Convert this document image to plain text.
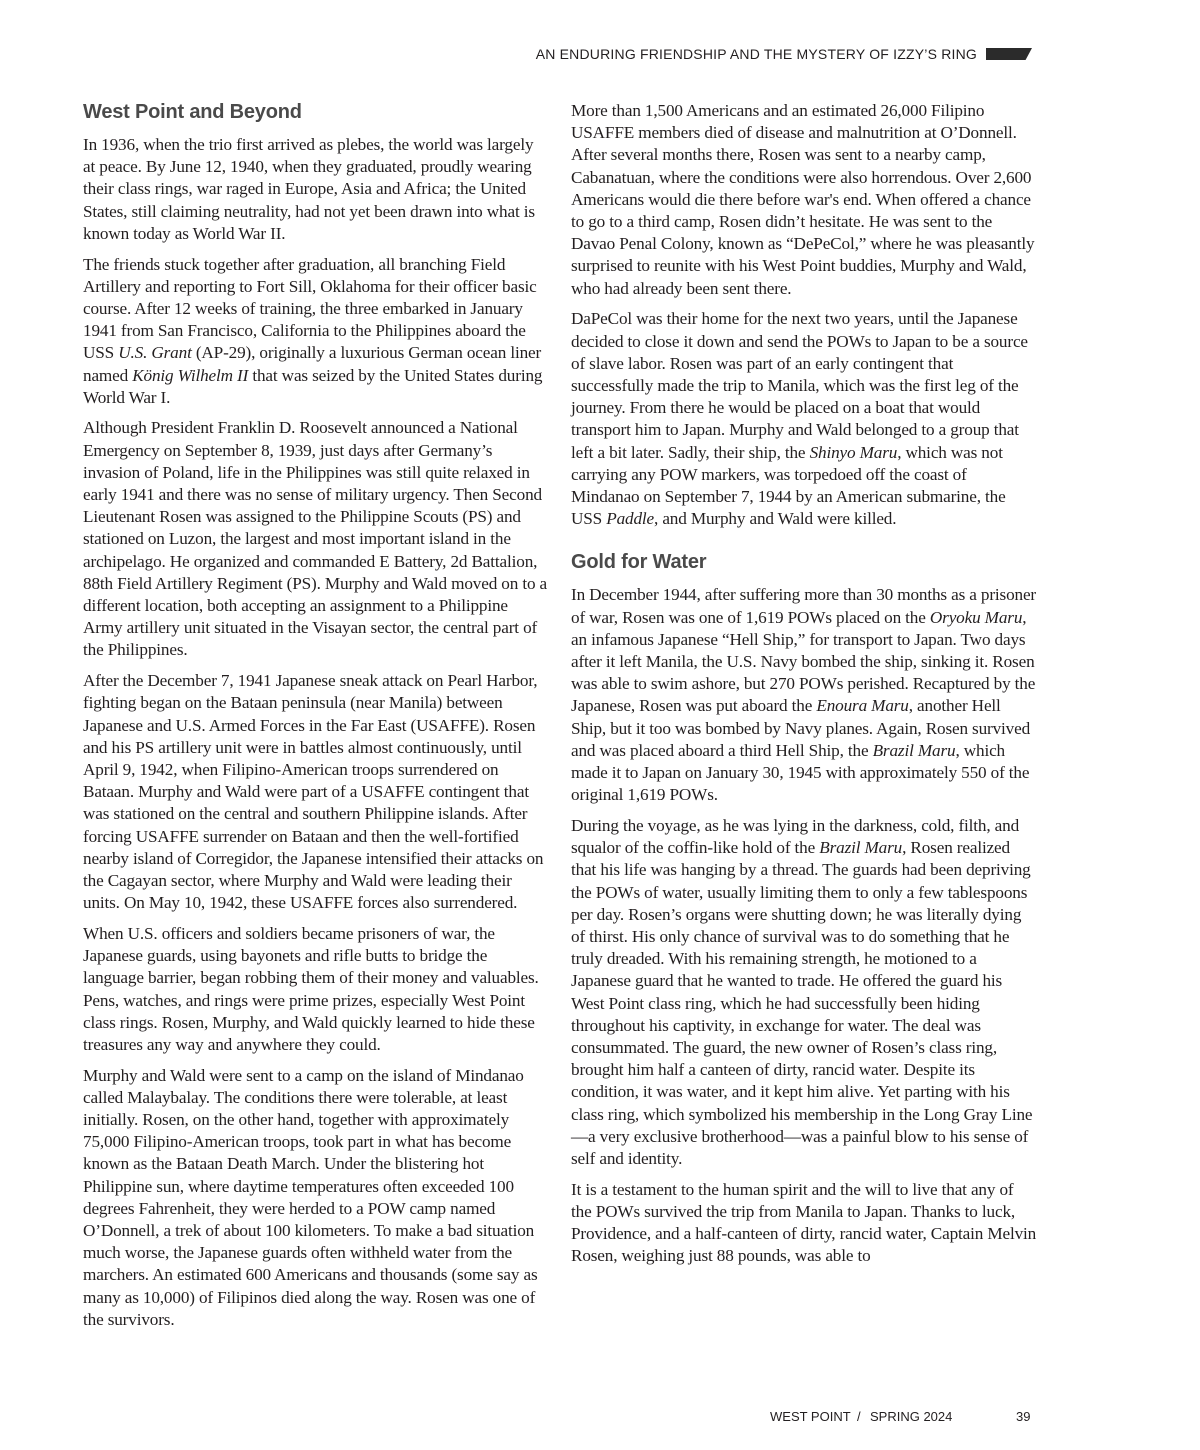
AN ENDURING FRIENDSHIP AND THE MYSTERY OF IZZY’S RING
West Point and Beyond

In 1936, when the trio first arrived as plebes, the world was largely at peace. By June 12, 1940, when they graduated, proudly wearing their class rings, war raged in Europe, Asia and Africa; the United States, still claiming neutrality, had not yet been drawn into what is known today as World War II.

The friends stuck together after graduation, all branching Field Artillery and reporting to Fort Sill, Oklahoma for their officer basic course. After 12 weeks of training, the three embarked in January 1941 from San Francisco, California to the Philippines aboard the USS U.S. Grant (AP-29), originally a luxurious German ocean liner named König Wilhelm II that was seized by the United States during World War I.

Although President Franklin D. Roosevelt announced a National Emergency on September 8, 1939, just days after Germany’s invasion of Poland, life in the Philippines was still quite relaxed in early 1941 and there was no sense of military urgency. Then Second Lieutenant Rosen was assigned to the Philippine Scouts (PS) and stationed on Luzon, the largest and most important island in the archipelago. He organized and commanded E Battery, 2d Battalion, 88th Field Artillery Regiment (PS). Murphy and Wald moved on to a different location, both accepting an assignment to a Philippine Army artillery unit situated in the Visayan sector, the central part of the Philippines.

After the December 7, 1941 Japanese sneak attack on Pearl Harbor, fighting began on the Bataan peninsula (near Manila) between Japanese and U.S. Armed Forces in the Far East (USAFFE). Rosen and his PS artillery unit were in battles almost continuously, until April 9, 1942, when Filipino-American troops surrendered on Bataan. Murphy and Wald were part of a USAFFE contingent that was stationed on the central and southern Philippine islands. After forcing USAFFE surrender on Bataan and then the well-fortified nearby island of Corregidor, the Japanese intensified their attacks on the Cagayan sector, where Murphy and Wald were leading their units. On May 10, 1942, these USAFFE forces also surrendered.

When U.S. officers and soldiers became prisoners of war, the Japanese guards, using bayonets and rifle butts to bridge the language barrier, began robbing them of their money and valuables. Pens, watches, and rings were prime prizes, especially West Point class rings. Rosen, Murphy, and Wald quickly learned to hide these treasures any way and anywhere they could.

Murphy and Wald were sent to a camp on the island of Mindanao called Malaybalay. The conditions there were tolerable, at least initially. Rosen, on the other hand, together with approximately 75,000 Filipino-American troops, took part in what has become known as the Bataan Death March. Under the blistering hot Philippine sun, where daytime temperatures often exceeded 100 degrees Fahrenheit, they were herded to a POW camp named O’Donnell, a trek of about 100 kilometers. To make a bad situation much worse, the Japanese guards often withheld water from the marchers. An estimated 600 Americans and thousands (some say as many as 10,000) of Filipinos died along the way. Rosen was one of the survivors.

More than 1,500 Americans and an estimated 26,000 Filipino USAFFE members died of disease and malnutrition at O’Donnell. After several months there, Rosen was sent to a nearby camp, Cabanatuan, where the conditions were also horrendous. Over 2,600 Americans would die there before war's end. When offered a chance to go to a third camp, Rosen didn’t hesitate. He was sent to the Davao Penal Colony, known as “DePeCol,” where he was pleasantly surprised to reunite with his West Point buddies, Murphy and Wald, who had already been sent there.

DaPeCol was their home for the next two years, until the Japanese decided to close it down and send the POWs to Japan to be a source of slave labor. Rosen was part of an early contingent that successfully made the trip to Manila, which was the first leg of the journey. From there he would be placed on a boat that would transport him to Japan. Murphy and Wald belonged to a group that left a bit later. Sadly, their ship, the Shinyo Maru, which was not carrying any POW markers, was torpedoed off the coast of Mindanao on September 7, 1944 by an American submarine, the USS Paddle, and Murphy and Wald were killed.

Gold for Water

In December 1944, after suffering more than 30 months as a prisoner of war, Rosen was one of 1,619 POWs placed on the Oryoku Maru, an infamous Japanese “Hell Ship,” for transport to Japan. Two days after it left Manila, the U.S. Navy bombed the ship, sinking it. Rosen was able to swim ashore, but 270 POWs perished. Recaptured by the Japanese, Rosen was put aboard the Enoura Maru, another Hell Ship, but it too was bombed by Navy planes. Again, Rosen survived and was placed aboard a third Hell Ship, the Brazil Maru, which made it to Japan on January 30, 1945 with approximately 550 of the original 1,619 POWs.

During the voyage, as he was lying in the darkness, cold, filth, and squalor of the coffin-like hold of the Brazil Maru, Rosen realized that his life was hanging by a thread. The guards had been depriving the POWs of water, usually limiting them to only a few tablespoons per day. Rosen’s organs were shutting down; he was literally dying of thirst. His only chance of survival was to do something that he truly dreaded. With his remaining strength, he motioned to a Japanese guard that he wanted to trade. He offered the guard his West Point class ring, which he had successfully been hiding throughout his captivity, in exchange for water. The deal was consummated. The guard, the new owner of Rosen’s class ring, brought him half a canteen of dirty, rancid water. Despite its condition, it was water, and it kept him alive. Yet parting with his class ring, which symbolized his membership in the Long Gray Line—a very exclusive brotherhood—was a painful blow to his sense of self and identity.

It is a testament to the human spirit and the will to live that any of the POWs survived the trip from Manila to Japan. Thanks to luck, Providence, and a half-canteen of dirty, rancid water, Captain Melvin Rosen, weighing just 88 pounds, was able to

WEST POINT / SPRING 2024	39
